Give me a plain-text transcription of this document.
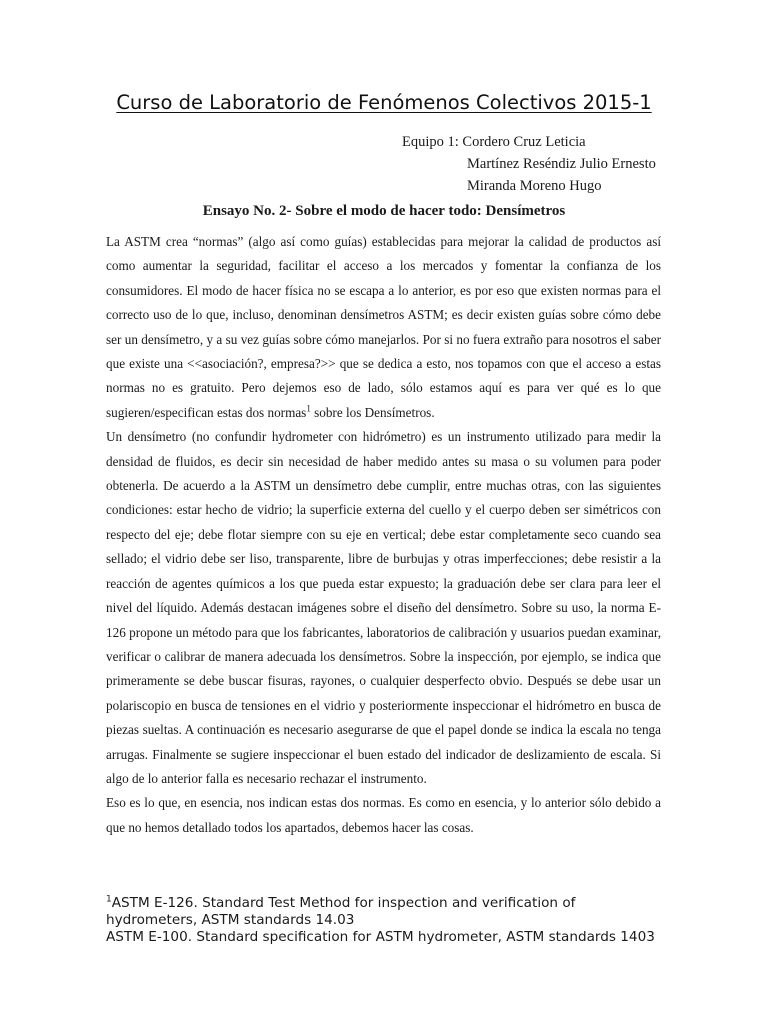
Curso de Laboratorio de Fenómenos Colectivos 2015-1
Equipo 1: Cordero Cruz Leticia
Martínez Reséndiz Julio Ernesto
Miranda Moreno Hugo
Ensayo No. 2- Sobre el modo de hacer todo: Densímetros

La ASTM crea “normas” (algo así como guías) establecidas para mejorar la calidad de productos así como aumentar la seguridad, facilitar el acceso a los mercados y fomentar la confianza de los consumidores. El modo de hacer física no se escapa a lo anterior, es por eso que existen normas para el correcto uso de lo que, incluso, denominan densímetros ASTM; es decir existen guías sobre cómo debe ser un densímetro, y a su vez guías sobre cómo manejarlos. Por si no fuera extraño para nosotros el saber que existe una <<asociación?, empresa?>> que se dedica a esto, nos topamos con que el acceso a estas normas no es gratuito. Pero dejemos eso de lado, sólo estamos aquí es para ver qué es lo que sugieren/especifican estas dos normas$^1$ sobre los Densímetros.

Un densímetro (no confundir hydrometer con hidrómetro) es un instrumento utilizado para medir la densidad de fluidos, es decir sin necesidad de haber medido antes su masa o su volumen para poder obtenerla. De acuerdo a la ASTM un densímetro debe cumplir, entre muchas otras, con las siguientes condiciones: estar hecho de vidrio; la superficie externa del cuello y el cuerpo deben ser simétricos con respecto del eje; debe flotar siempre con su eje en vertical; debe estar completamente seco cuando sea sellado; el vidrio debe ser liso, transparente, libre de burbujas y otras imperfecciones; debe resistir a la reacción de agentes químicos a los que pueda estar expuesto; la graduación debe ser clara para leer el nivel del líquido. Además destacan imágenes sobre el diseño del densímetro. Sobre su uso, la norma E-126 propone un método para que los fabricantes, laboratorios de calibración y usuarios puedan examinar, verificar o calibrar de manera adecuada los densímetros. Sobre la inspección, por ejemplo, se indica que primeramente se debe buscar fisuras, rayones, o cualquier desperfecto obvio. Después se debe usar un polariscopio en busca de tensiones en el vidrio y posteriormente inspeccionar el hidrómetro en busca de piezas sueltas. A continuación es necesario asegurarse de que el papel donde se indica la escala no tenga arrugas. Finalmente se sugiere inspeccionar el buen estado del indicador de deslizamiento de escala. Si algo de lo anterior falla es necesario rechazar el instrumento.

Eso es lo que, en esencia, nos indican estas dos normas. Es como en esencia, y lo anterior sólo debido a que no hemos detallado todos los apartados, debemos hacer las cosas.

$^1$ASTM E-126. Standard Test Method for inspection and verification of hydrometers, ASTM standards 14.03

ASTM E-100. Standard specification for ASTM hydrometer, ASTM standards 1403
